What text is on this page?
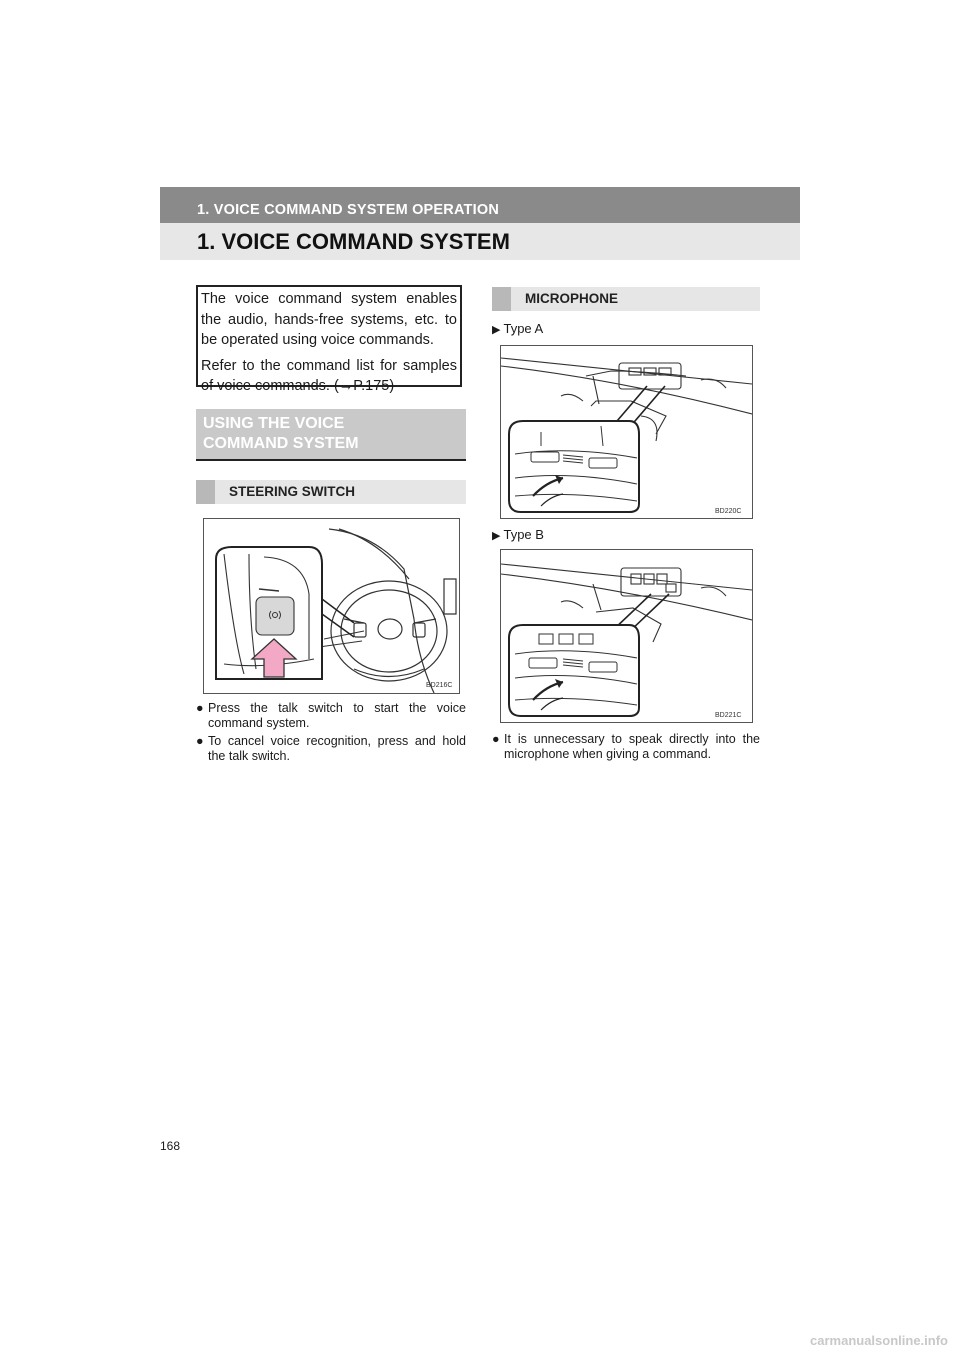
1. VOICE COMMAND SYSTEM OPERATION
1. VOICE COMMAND SYSTEM

The voice command system enables the audio, hands-free systems, etc. to be operated using voice commands.

Refer to the command list for samples of voice commands. (→P.175)

USING THE VOICE COMMAND SYSTEM
STEERING SWITCH
BD216C
● Press the talk switch to start the voice command system.
● To cancel voice recognition, press and hold the talk switch.
MICROPHONE
▶ Type A
BD220C
▶ Type B
BD221C
● It is unnecessary to speak directly into the microphone when giving a command.
168
carmanualsonline.info
